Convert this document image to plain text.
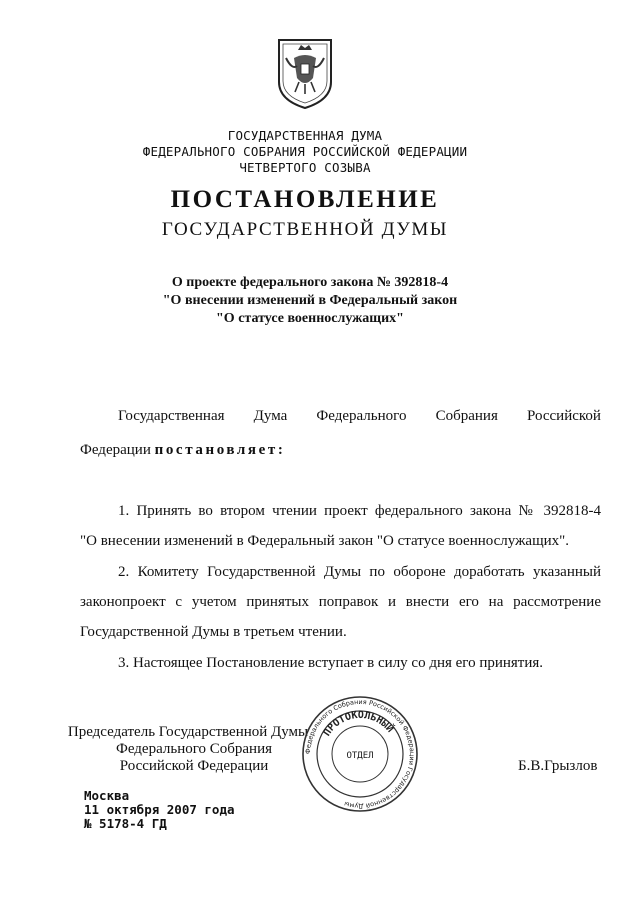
ГОСУДАРСТВЕННАЯ ДУМА
ФЕДЕРАЛЬНОГО СОБРАНИЯ РОССИЙСКОЙ ФЕДЕРАЦИИ
ЧЕТВЕРТОГО СОЗЫВА
ПОСТАНОВЛЕНИЕ
ГОСУДАРСТВЕННОЙ ДУМЫ
О проекте федерального закона № 392818-4
"О внесении изменений в Федеральный закон
"О статусе военнослужащих"
Государственная Дума Федерального Собрания Российской
Федерации постановляет:
1. Принять во втором чтении проект федерального закона № 392818-4
"О внесении изменений в Федеральный закон "О статусе военнослужащих".
2. Комитету Государственной Думы по обороне доработать указанный
законопроект с учетом принятых поправок и внести его на рассмотрение
Государственной Думы в третьем чтении.
3. Настоящее Постановление вступает в силу со дня его принятия.
Председатель Государственной Думы
Федерального Собрания
Российской Федерации
Федерального Собрания Российской Федерации Государственной Думы
ПРОТОКОЛЬНЫЙ
ОТДЕЛ
Б.В.Грызлов
Москва
11 октября 2007 года
№ 5178-4 ГД
